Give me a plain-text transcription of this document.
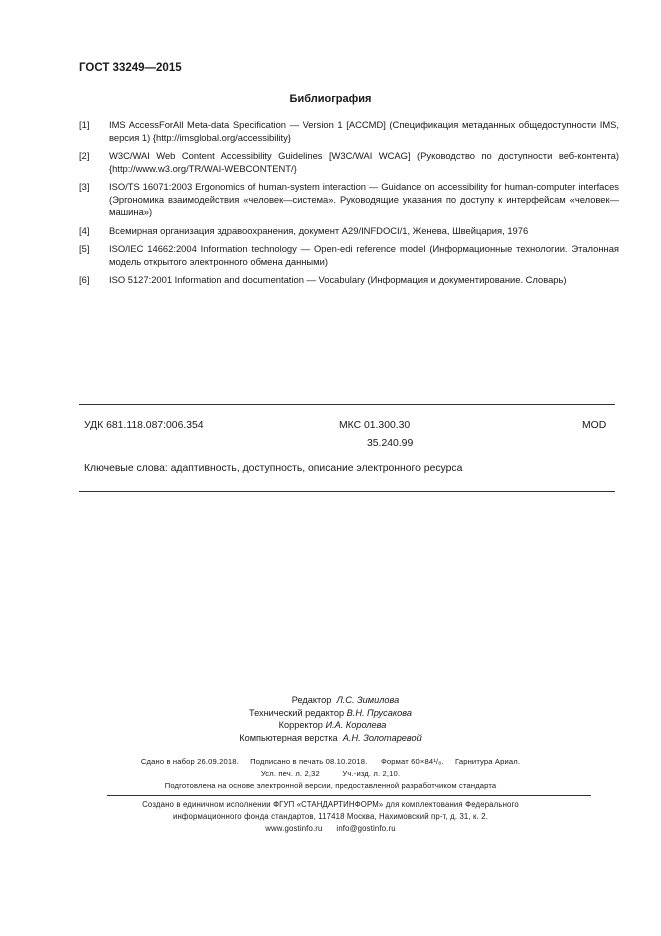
ГОСТ 33249—2015
Библиография
[1]	IMS AccessForAll Meta-data Specification — Version 1 [ACCMD] (Спецификация метаданных общедоступности IMS, версия 1) {http://imsglobal.org/accessibility}
[2]	W3C/WAI Web Content Accessibility Guidelines [W3C/WAI WCAG] (Руководство по доступности веб-контента) {http://www.w3.org/TR/WAI-WEBCONTENT/}
[3]	ISO/TS 16071:2003 Ergonomics of human-system interaction — Guidance on accessibility for human-computer interfaces (Эргономика взаимодействия «человек—система». Руководящие указания по доступу к интерфейсам «человек—машина»)
[4]	Всемирная организация здравоохранения, документ А29/INFDOCI/1, Женева, Швейцария, 1976
[5]	ISO/IEC 14662:2004 Information technology — Open-edi reference model (Информационные технологии. Эталонная модель открытого электронного обмена данными)
[6]	ISO 5127:2001 Information and documentation — Vocabulary (Информация и документирование. Словарь)
УДК 681.118.087:006.354	МКС 01.300.30
35.240.99
MOD
Ключевые слова: адаптивность, доступность, описание электронного ресурса
Редактор Л.С. Зимилова
Технический редактор В.Н. Прусакова
Корректор И.А. Королева
Компьютерная верстка А.Н. Золотаревой
Сдано в набор 26.09.2018.     Подписано в печать 08.10.2018.      Формат 60×84¹/₈.     Гарнитура Ариал.
Усл. печ. л. 2,32          Уч.-изд. л. 2,10.
Подготовлена на основе электронной версии, предоставленной разработчиком стандарта
Создано в единичном исполнении ФГУП «СТАНДАРТИНФОРМ» для комплектования Федерального
информационного фонда стандартов, 117418 Москва, Нахимовский пр-т, д. 31, к. 2.
www.gostinfo.ru      info@gostinfo.ru
